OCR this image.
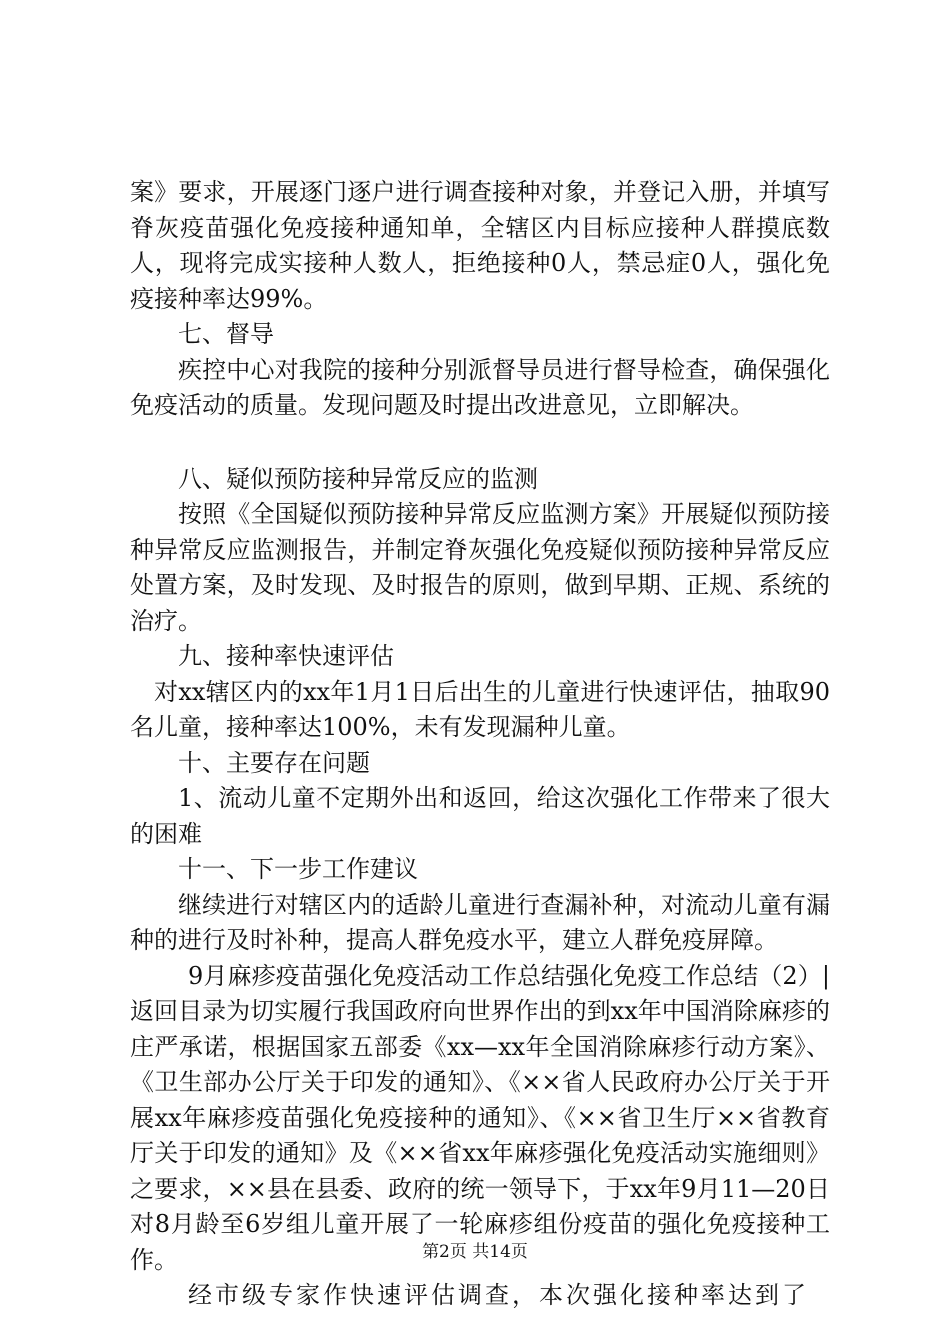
案》要求，开展逐门逐户进行调查接种对象，并登记入册，并填写脊灰疫苗强化免疫接种通知单，全辖区内目标应接种人群摸底数人，现将完成实接种人数人，拒绝接种0人，禁忌症0人，强化免疫接种率达99%。

七、督导

疾控中心对我院的接种分别派督导员进行督导检查，确保强化免疫活动的质量。发现问题及时提出改进意见，立即解决。

八、疑似预防接种异常反应的监测

按照《全国疑似预防接种异常反应监测方案》开展疑似预防接种异常反应监测报告，并制定脊灰强化免疫疑似预防接种异常反应处置方案，及时发现、及时报告的原则，做到早期、正规、系统的治疗。

九、接种率快速评估

对xx辖区内的xx年1月1日后出生的儿童进行快速评估，抽取90名儿童，接种率达100%，未有发现漏种儿童。

十、主要存在问题

1、流动儿童不定期外出和返回，给这次强化工作带来了很大的困难

十一、下一步工作建议

继续进行对辖区内的适龄儿童进行查漏补种，对流动儿童有漏种的进行及时补种，提高人群免疫水平，建立人群免疫屏障。

9月麻疹疫苗强化免疫活动工作总结强化免疫工作总结（2）|返回目录为切实履行我国政府向世界作出的到xx年中国消除麻疹的庄严承诺，根据国家五部委《xx—xx年全国消除麻疹行动方案》、《卫生部办公厅关于印发的通知》、《××省人民政府办公厅关于开展xx年麻疹疫苗强化免疫接种的通知》、《××省卫生厅××省教育厅关于印发的通知》及《××省xx年麻疹强化免疫活动实施细则》之要求，××县在县委、政府的统一领导下，于xx年9月11—20日对8月龄至6岁组儿童开展了一轮麻疹组份疫苗的强化免疫接种工作。

经市级专家作快速评估调查，本次强化接种率达到了

第2页 共14页
